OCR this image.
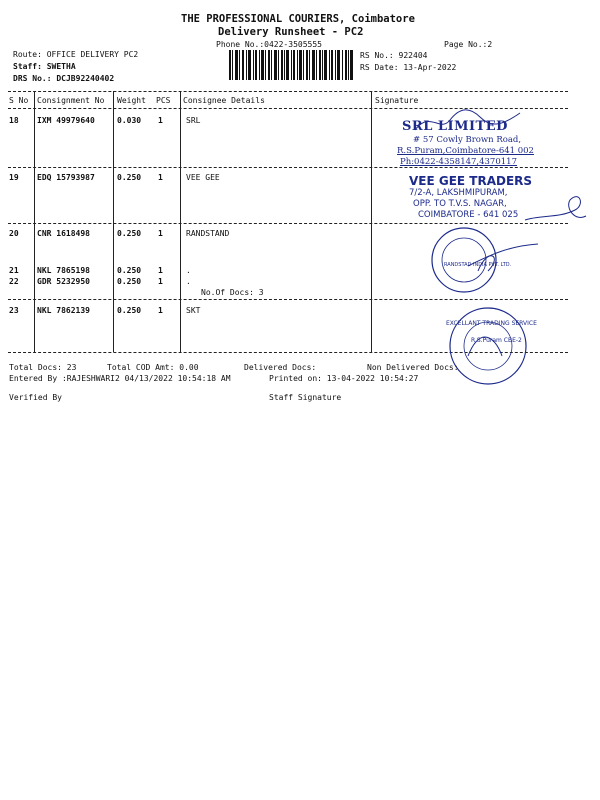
THE PROFESSIONAL COURIERS, Coimbatore
Delivery Runsheet - PC2
Phone No.:0422-3505555	Page No.:2
Route: OFFICE DELIVERY PC2
Staff: SWETHA
DRS No.: DCJB92240402
RS No.: 922404
RS Date: 13-Apr-2022
S No Consignment No Weight PCS Consignee Details	Signature
18 IXM 49979640	0.030 1	SRL
19 EDQ 15793987	0.250 1	VEE GEE
20 CNR 1618498	0.250 1	RANDSTAND
21 NKL 7865198	0.250 1	.
22 GDR 5232950	0.250 1	.
No.Of Docs: 3
23 NKL 7862139	0.250 1	SKT
SRL LIMITED
# 57 Cowly Brown Road,
R.S.Puram,Coimbatore-641 002
Ph:0422-4358147,4370117
VEE GEE TRADERS
7/2-A, LAKSHMIPURAM,
OPP. TO T.V.S. NAGAR,
COIMBATORE - 641 025
RANDSTAD INDIA PVT. LTD.
EXCELLANT TRADING SERVICE
R.S.Puram CBE-2
Total Docs: 23	Total COD Amt: 0.00	Delivered Docs:	Non Delivered Docs:
Entered By :RAJESHWARI2 04/13/2022 10:54:18 AM	Printed on: 13-04-2022 10:54:27
Verified By	Staff Signature
